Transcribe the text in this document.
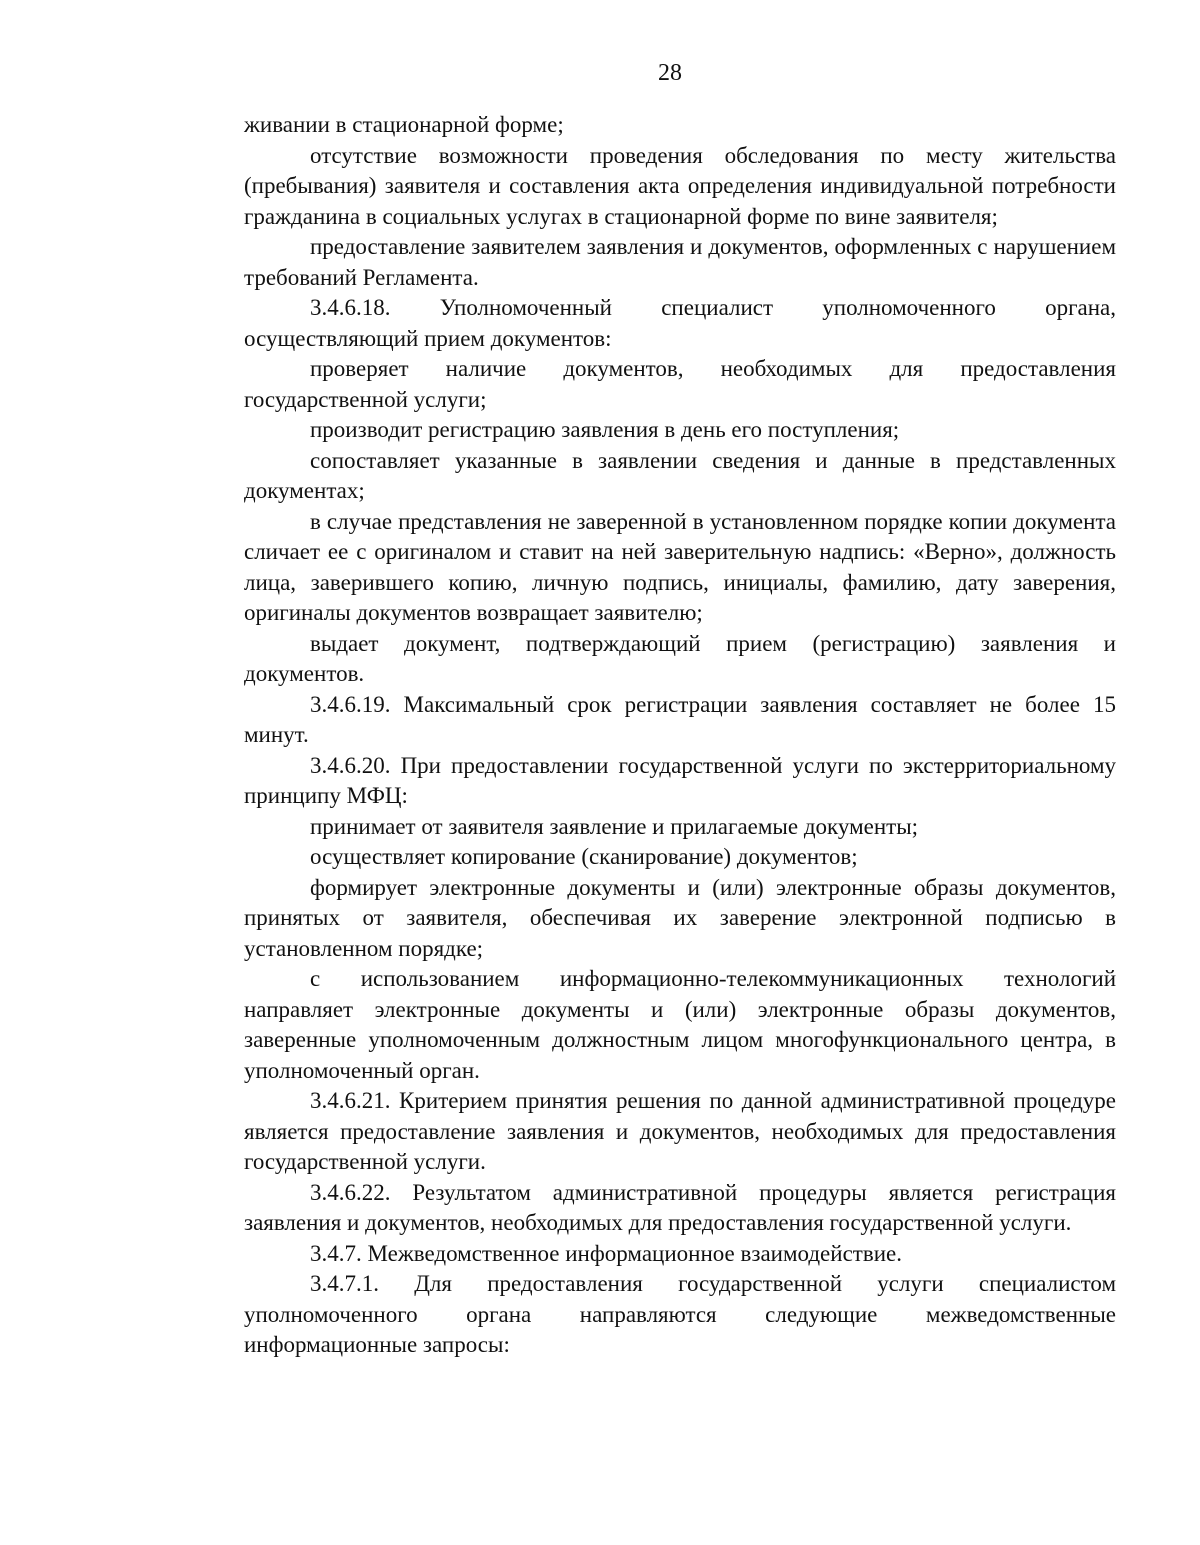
28

живании в стационарной форме;

отсутствие возможности проведения обследования по месту жительства (пребывания) заявителя и составления акта определения индивидуальной потребности гражданина в социальных услугах в стационарной форме по вине заявителя;

предоставление заявителем заявления и документов, оформленных с нарушением требований Регламента.

3.4.6.18. Уполномоченный специалист уполномоченного органа, осуществляющий прием документов:

проверяет наличие документов, необходимых для предоставления государственной услуги;

производит регистрацию заявления в день его поступления;

сопоставляет указанные в заявлении сведения и данные в представленных документах;

в случае представления не заверенной в установленном порядке копии документа сличает ее с оригиналом и ставит на ней заверительную надпись: «Верно», должность лица, заверившего копию, личную подпись, инициалы, фамилию, дату заверения, оригиналы документов возвращает заявителю;

выдает документ, подтверждающий прием (регистрацию) заявления и документов.

3.4.6.19. Максимальный срок регистрации заявления составляет не более 15 минут.

3.4.6.20. При предоставлении государственной услуги по экстерриториальному принципу МФЦ:

принимает от заявителя заявление и прилагаемые документы;

осуществляет копирование (сканирование) документов;

формирует электронные документы и (или) электронные образы документов, принятых от заявителя, обеспечивая их заверение электронной подписью в установленном порядке;

с использованием информационно-телекоммуникационных технологий направляет электронные документы и (или) электронные образы документов, заверенные уполномоченным должностным лицом многофункционального центра, в уполномоченный орган.

3.4.6.21. Критерием принятия решения по данной административной процедуре является предоставление заявления и документов, необходимых для предоставления государственной услуги.

3.4.6.22. Результатом административной процедуры является регистрация заявления и документов, необходимых для предоставления государственной услуги.

3.4.7. Межведомственное информационное взаимодействие.

3.4.7.1. Для предоставления государственной услуги специалистом уполномоченного органа направляются следующие межведомственные информационные запросы:
